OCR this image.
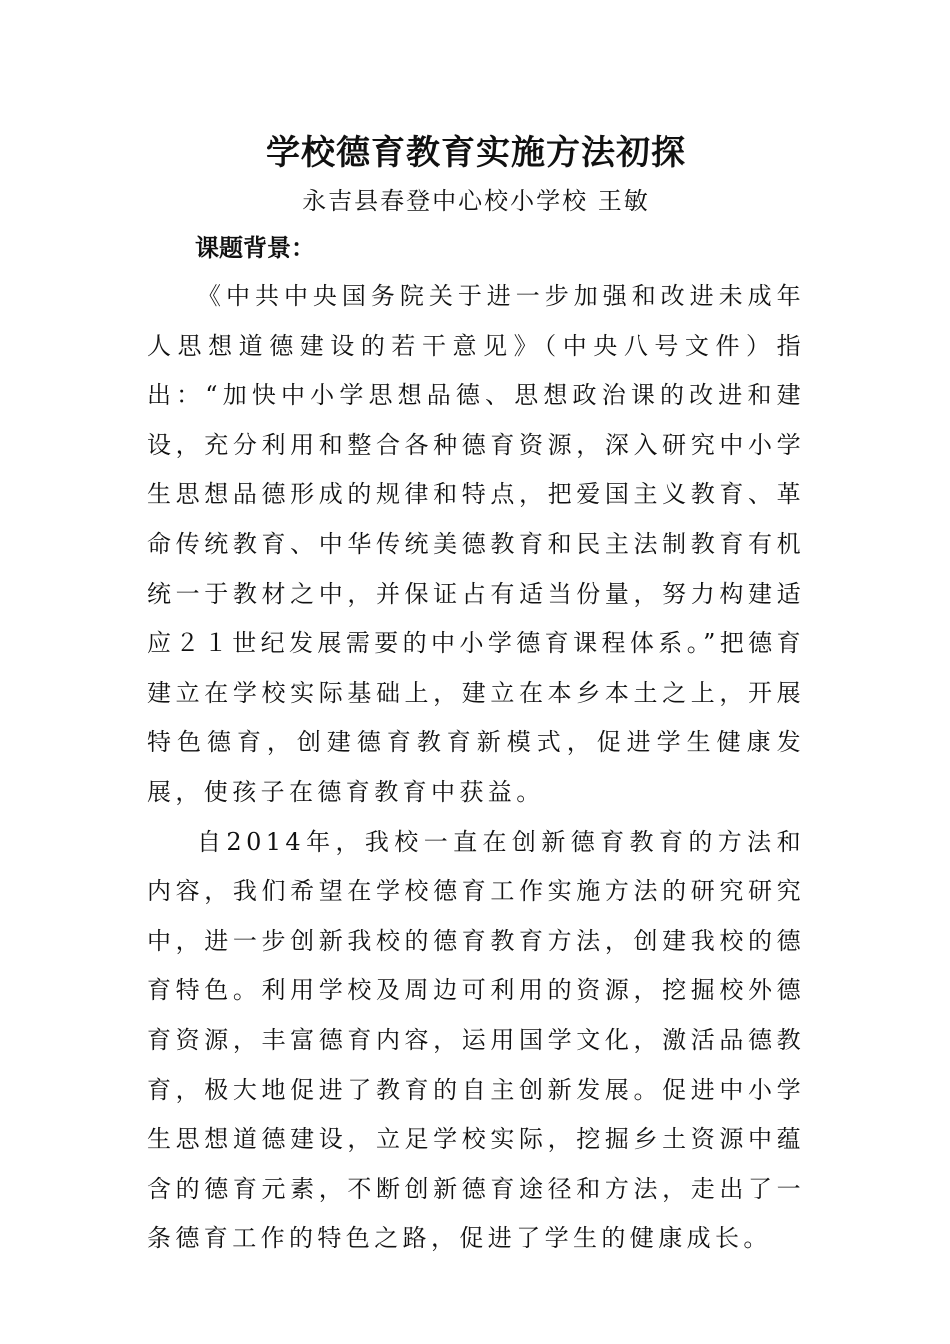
学校德育教育实施方法初探
永吉县春登中心校小学校 王敏
课题背景：

《中共中央国务院关于进一步加强和改进未成年人思想道德建设的若干意见》（中央八号文件）指出：“加快中小学思想品德、思想政治课的改进和建设，充分利用和整合各种德育资源，深入研究中小学生思想品德形成的规律和特点，把爱国主义教育、革命传统教育、中华传统美德教育和民主法制教育有机统一于教材之中，并保证占有适当份量，努力构建适应２１世纪发展需要的中小学德育课程体系。”把德育建立在学校实际基础上，建立在本乡本土之上，开展特色德育，创建德育教育新模式，促进学生健康发展，使孩子在德育教育中获益。

自2014年，我校一直在创新德育教育的方法和内容，我们希望在学校德育工作实施方法的研究研究中，进一步创新我校的德育教育方法，创建我校的德育特色。利用学校及周边可利用的资源，挖掘校外德育资源，丰富德育内容，运用国学文化，激活品德教育，极大地促进了教育的自主创新发展。促进中小学生思想道德建设，立足学校实际，挖掘乡土资源中蕴含的德育元素，不断创新德育途径和方法，走出了一条德育工作的特色之路，促进了学生的健康成长。
